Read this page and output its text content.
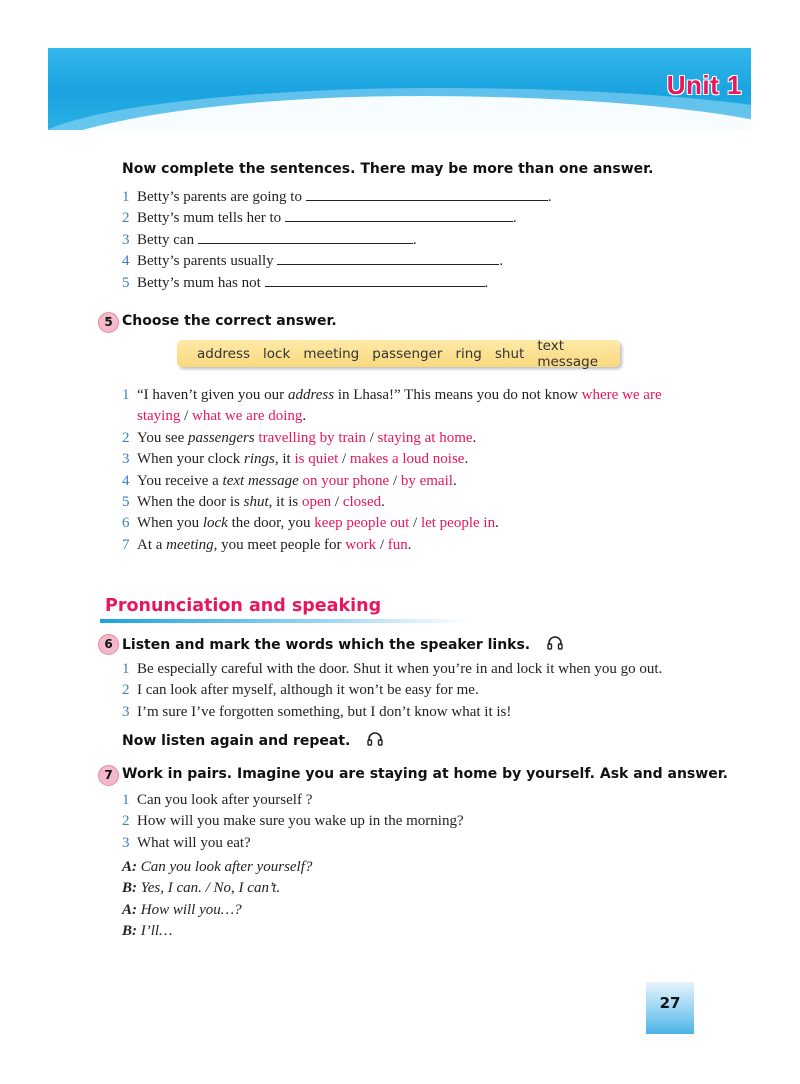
Unit 1
Now complete the sentences. There may be more than one answer.
1 Betty’s parents are going to	.
2 Betty’s mum tells her to	.
3 Betty can	.
4 Betty’s parents usually	.
5 Betty’s mum has not	.
5 Choose the correct answer.
address lock meeting passenger ring shut text message
1 “I haven’t given you our address in Lhasa!” This means you do not know where we are
staying / what we are doing.
2 You see passengers travelling by train / staying at home.
3 When your clock rings, it is quiet / makes a loud noise.
4 You receive a text message on your phone / by email.
5 When the door is shut, it is open / closed.
6 When you lock the door, you keep people out / let people in.
7 At a meeting, you meet people for work / fun.
Pronunciation and speaking
6 Listen and mark the words which the speaker links.
1 Be especially careful with the door. Shut it when you’re in and lock it when you go out.
2 I can look after myself, although it won’t be easy for me.
3 I’m sure I’ve forgotten something, but I don’t know what it is!
Now listen again and repeat.
7 Work in pairs. Imagine you are staying at home by yourself. Ask and answer.
1 Can you look after yourself ?
2 How will you make sure you wake up in the morning?
3 What will you eat?
A: Can you look after yourself?
B: Yes, I can. / No, I can’t.
A: How will you…?
B: I’ll…
27
